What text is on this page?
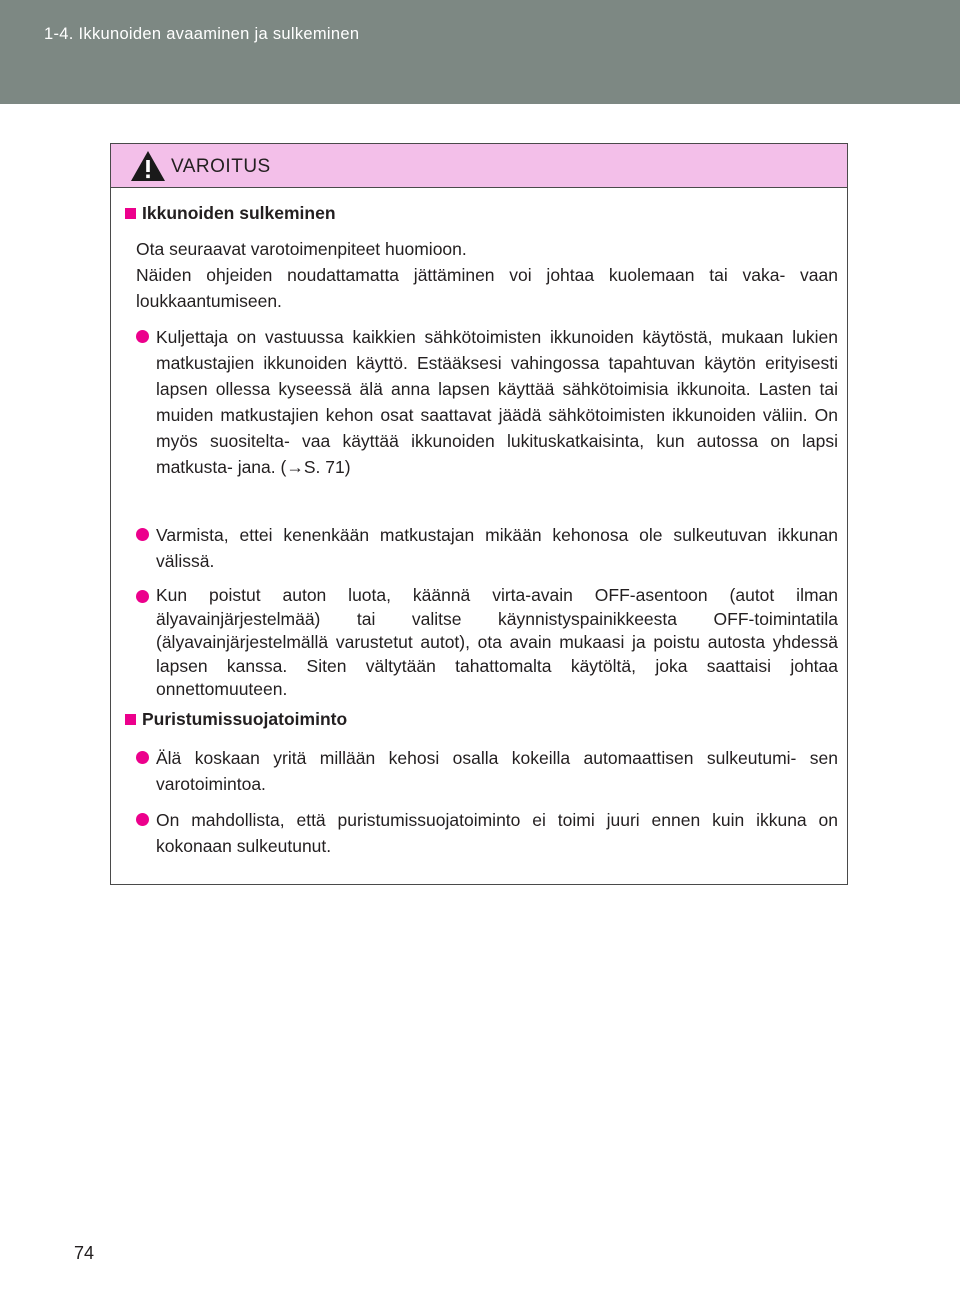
1-4. Ikkunoiden avaaminen ja sulkeminen
VAROITUS
Ikkunoiden sulkeminen
Ota seuraavat varotoimenpiteet huomioon.
Näiden ohjeiden noudattamatta jättäminen voi johtaa kuolemaan tai vaka- vaan loukkaantumiseen.
Kuljettaja on vastuussa kaikkien sähkötoimisten ikkunoiden käytöstä, mukaan lukien matkustajien ikkunoiden käyttö. Estääksesi vahingossa tapahtuvan käytön erityisesti lapsen ollessa kyseessä älä anna lapsen käyttää sähkötoimisia ikkunoita. Lasten tai muiden matkustajien kehon osat saattavat jäädä sähkötoimisten ikkunoiden väliin. On myös suositelta- vaa käyttää ikkunoiden lukituskatkaisinta, kun autossa on lapsi matkusta- jana. (→S. 71)
Varmista, ettei kenenkään matkustajan mikään kehonosa ole sulkeutuvan ikkunan välissä.
Kun poistut auton luota, käännä virta-avain OFF-asentoon (autot ilman älyavainjärjestelmää) tai valitse käynnistyspainikkeesta OFF-toimintatila (älyavainjärjestelmällä varustetut autot), ota avain mukaasi ja poistu autosta yhdessä lapsen kanssa. Siten vältytään tahattomalta käytöltä, joka saattaisi johtaa onnettomuuteen.
Puristumissuojatoiminto
Älä koskaan yritä millään kehosi osalla kokeilla automaattisen sulkeutumi- sen varotoimintoa.
On mahdollista, että puristumissuojatoiminto ei toimi juuri ennen kuin ikkuna on kokonaan sulkeutunut.
74
